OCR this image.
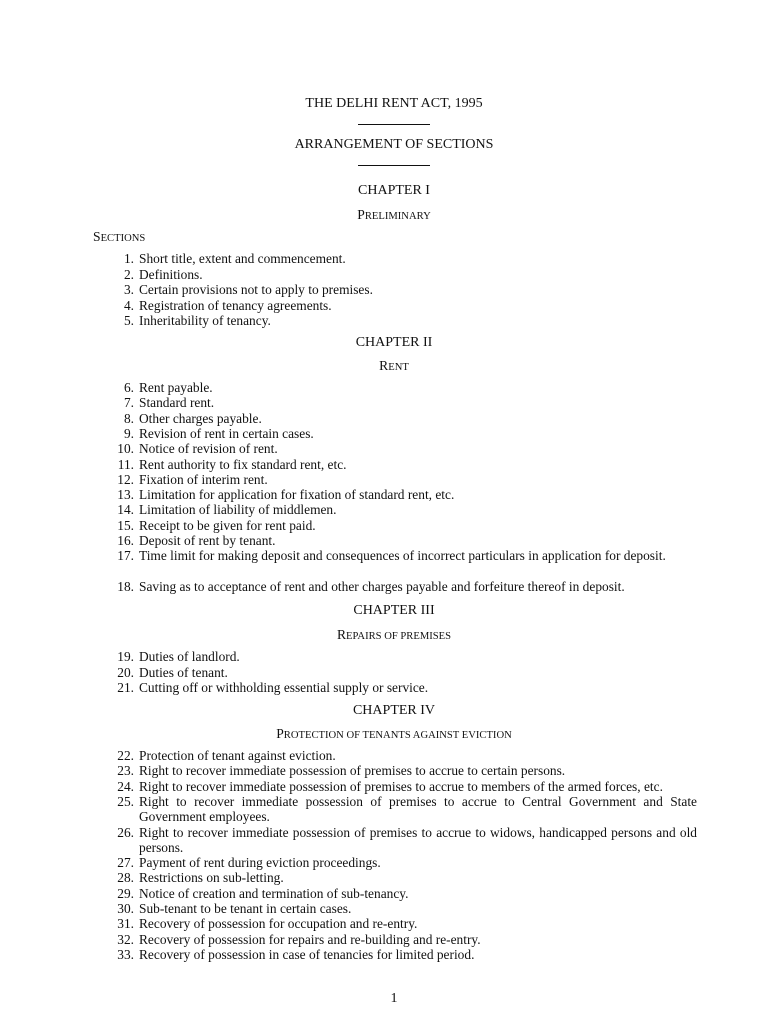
THE DELHI RENT ACT, 1995
ARRANGEMENT OF SECTIONS
CHAPTER I
PRELIMINARY
SECTIONS
1. Short title, extent and commencement.
2. Definitions.
3. Certain provisions not to apply to premises.
4. Registration of tenancy agreements.
5. Inheritability of tenancy.
CHAPTER II
RENT
6. Rent payable.
7. Standard rent.
8. Other charges payable.
9. Revision of rent in certain cases.
10. Notice of revision of rent.
11. Rent authority to fix standard rent, etc.
12. Fixation of interim rent.
13. Limitation for application for fixation of standard rent, etc.
14. Limitation of liability of middlemen.
15. Receipt to be given for rent paid.
16. Deposit of rent by tenant.
17. Time limit for making deposit and consequences of incorrect particulars in application for deposit.
18. Saving as to acceptance of rent and other charges payable and forfeiture thereof in deposit.
CHAPTER III
REPAIRS OF PREMISES
19. Duties of landlord.
20. Duties of tenant.
21. Cutting off or withholding essential supply or service.
CHAPTER IV
PROTECTION OF TENANTS AGAINST EVICTION
22. Protection of tenant against eviction.
23. Right to recover immediate possession of premises to accrue to certain persons.
24. Right to recover immediate possession of premises to accrue to members of the armed forces, etc.
25. Right to recover immediate possession of premises to accrue to Central Government and State Government employees.
26. Right to recover immediate possession of premises to accrue to widows, handicapped persons and old persons.
27. Payment of rent during eviction proceedings.
28. Restrictions on sub-letting.
29. Notice of creation and termination of sub-tenancy.
30. Sub-tenant to be tenant in certain cases.
31. Recovery of possession for occupation and re-entry.
32. Recovery of possession for repairs and re-building and re-entry.
33. Recovery of possession in case of tenancies for limited period.
1
